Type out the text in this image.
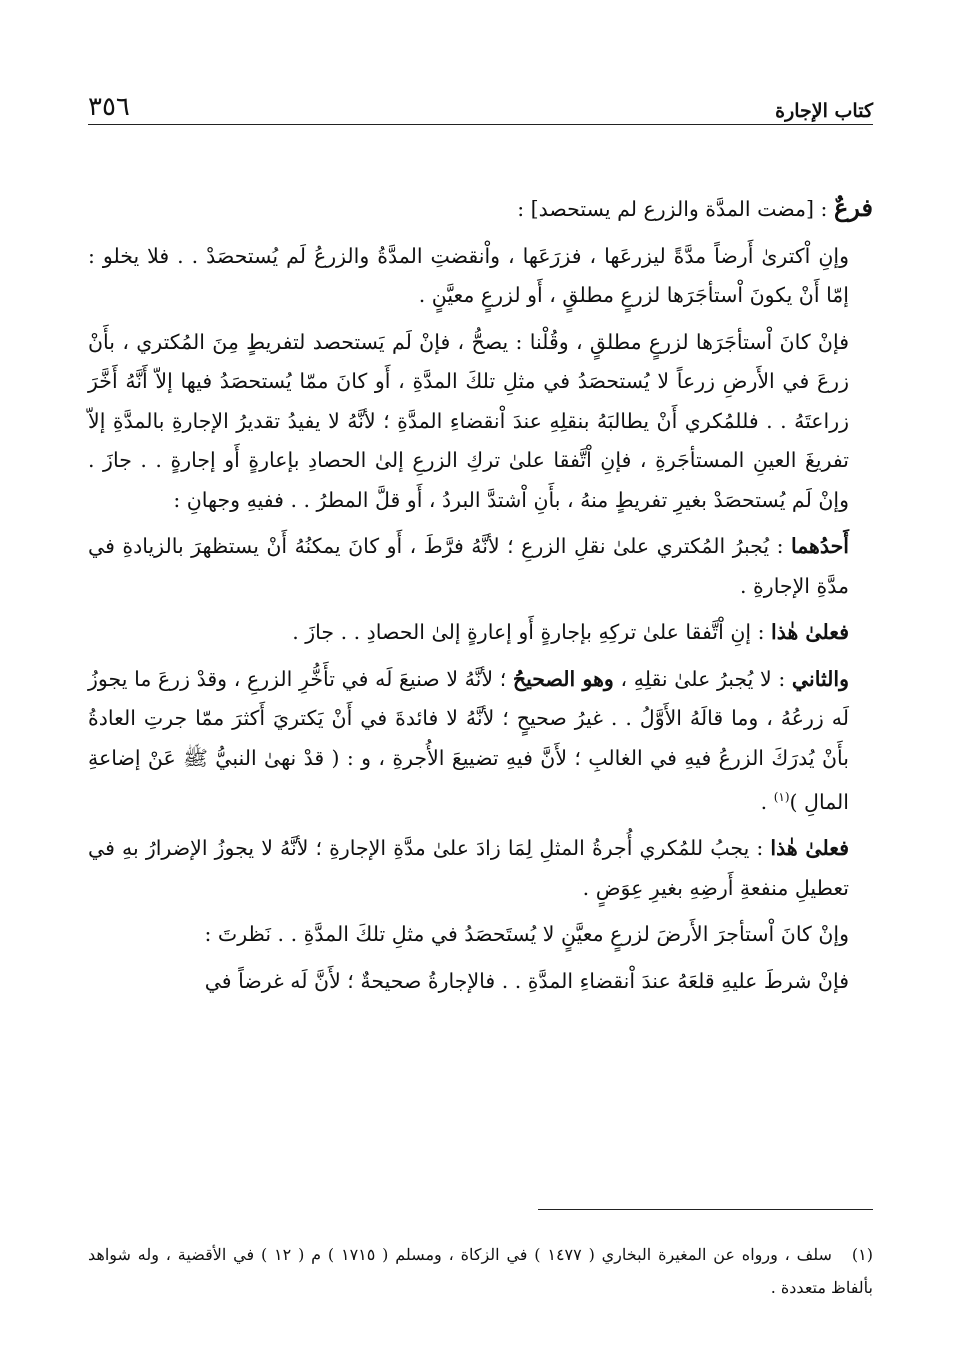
كتاب الإجارة
٣٥٦

فرعٌ : [مضت المدَّة والزرع لم يستحصد] :

وإنِ اْكترىٰ أَرضاً مدَّةً ليزرعَها ، فزرَعَها ، واْنقضتِ المدَّةُ والزرعُ لَم يُستحصَدْ . . فلا يخلو : إمّا أَنْ يكونَ اْستأجَرَها لزرعٍ مطلقٍ ، أَو لزرعٍ معيَّنٍ .

فإنْ كانَ اْستأجَرَها لزرعٍ مطلقٍ ، وقُلْنا : يصحُّ ، فإنْ لَم يَستحصد لتفريطٍ مِنَ المُكتري ، بأَنْ زرعَ في الأَرضِ زرعاً لا يُستحصَدُ في مثلِ تلكَ المدَّةِ ، أَو كانَ ممّا يُستحصَدُ فيها إلاّ أَنَّهُ أَخَّرَ زراعتَهُ . . فللمُكري أَنْ يطالبَهُ بنقلِهِ عندَ اْنقضاءِ المدَّةِ ؛ لأنَّهُ لا يفيدُ تقديرُ الإجارةِ بالمدَّةِ إلاّ تفريغَ العينِ المستأجَرةِ ، فإنِ اْتَّفقا علىٰ تركِ الزرعِ إلىٰ الحصادِ بإعارةٍ أَو إجارةٍ . . جازَ . وإنْ لَم يُستحصَدْ بغيرِ تفريطٍ منهُ ، بأَنِ اْشتدَّ البردُ ، أَو قلَّ المطرُ . . ففيهِ وجهانِ :

أَحدُهما : يُجبرُ المُكتري علىٰ نقلِ الزرعِ ؛ لأنَّهُ فرَّطَ ، أَو كانَ يمكنُهُ أَنْ يستظهرَ بالزيادةِ في مدَّةِ الإجارةِ .

فعلىٰ هٰذا : إنِ اْتَّفقا علىٰ تركِهِ بإجارةٍ أَو إعارةٍ إلىٰ الحصادِ . . جازَ .

والثاني : لا يُجبرُ علىٰ نقلِهِ ، وهو الصحيحُ ؛ لأنَّهُ لا صنيعَ لَه في تأَخُّرِ الزرعِ ، وقدْ زرعَ ما يجوزُ لَه زرعُهُ ، وما قالَهُ الأَوَّلُ . . غيرُ صحيحٍ ؛ لأنَّهُ لا فائدةَ في أَنْ يَكتريَ أَكثرَ ممّا جرتِ العادةُ بأَنْ يُدرَكَ الزرعُ فيهِ في الغالبِ ؛ لأَنَّ فيهِ تضييعَ الأُجرةِ ، و : ( قدْ نهىٰ النبيُّ ﷺ عَنْ إضاعةِ المالِ )$^{(١)}$ .

فعلىٰ هٰذا : يجبُ للمُكري أُجرةُ المثلِ لِمَا زادَ علىٰ مدَّةِ الإجارةِ ؛ لأنَّهُ لا يجوزُ الإضرارُ بهِ في تعطيلِ منفعةِ أَرضِهِ بغيرِ عِوَضٍ .

وإنْ كانَ اْستأجرَ الأَرضَ لزرعٍ معيَّنٍ لا يُستَحصَدُ في مثلِ تلكَ المدَّةِ . . نَظرتَ :

فإنْ شرطَ عليهِ قلعَهُ عندَ اْنقضاءِ المدَّةِ . . فالإجارةُ صحيحةٌ ؛ لأَنَّ لَه غرضاً في

(١)سلف ، ورواه عن المغيرة البخاري ( ١٤٧٧ ) في الزكاة ، ومسلم ( ١٧١٥ ) م ( ١٢ ) في الأقضية ، وله شواهد بألفاظ متعددة .
